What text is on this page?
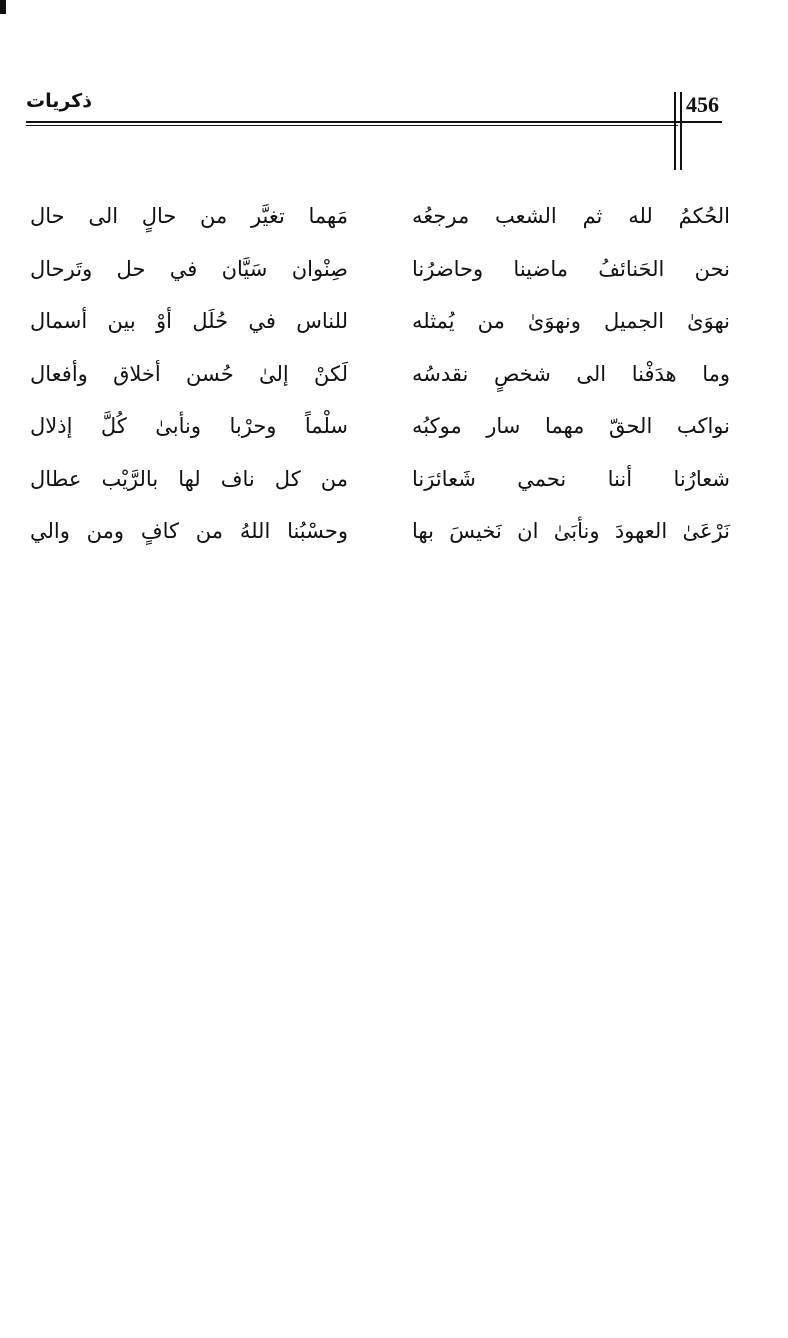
ذكريات	456
الحُكمُ لله ثم الشعب مرجعُه
مَهما تغيَّر من حالٍ الى حال
نحن الحَنائفُ ماضينا وحاضرُنا
صِنْوان سَيَّان في حل وتَرحال
نهوَىٰ الجميل ونهوَىٰ من يُمثله
للناس في حُلَل أوْ بين أسمال
وما هدَفْنا الى شخصٍ نقدسُه
لَكنْ إلىٰ حُسن أخلاق وأفعال
نواكب الحقّ مهما سار موكبُه
سلْماً وحرْبا ونأبىٰ كُلَّ إذلال
شعارُنا أننا نحمي شَعائرَنا
من كل ناف لها بالرَّيْب عطال
نَرْعَىٰ العهودَ ونأبَىٰ ان نَخيسَ بها
وحسْبُنا اللهُ من كافٍ ومن والي
